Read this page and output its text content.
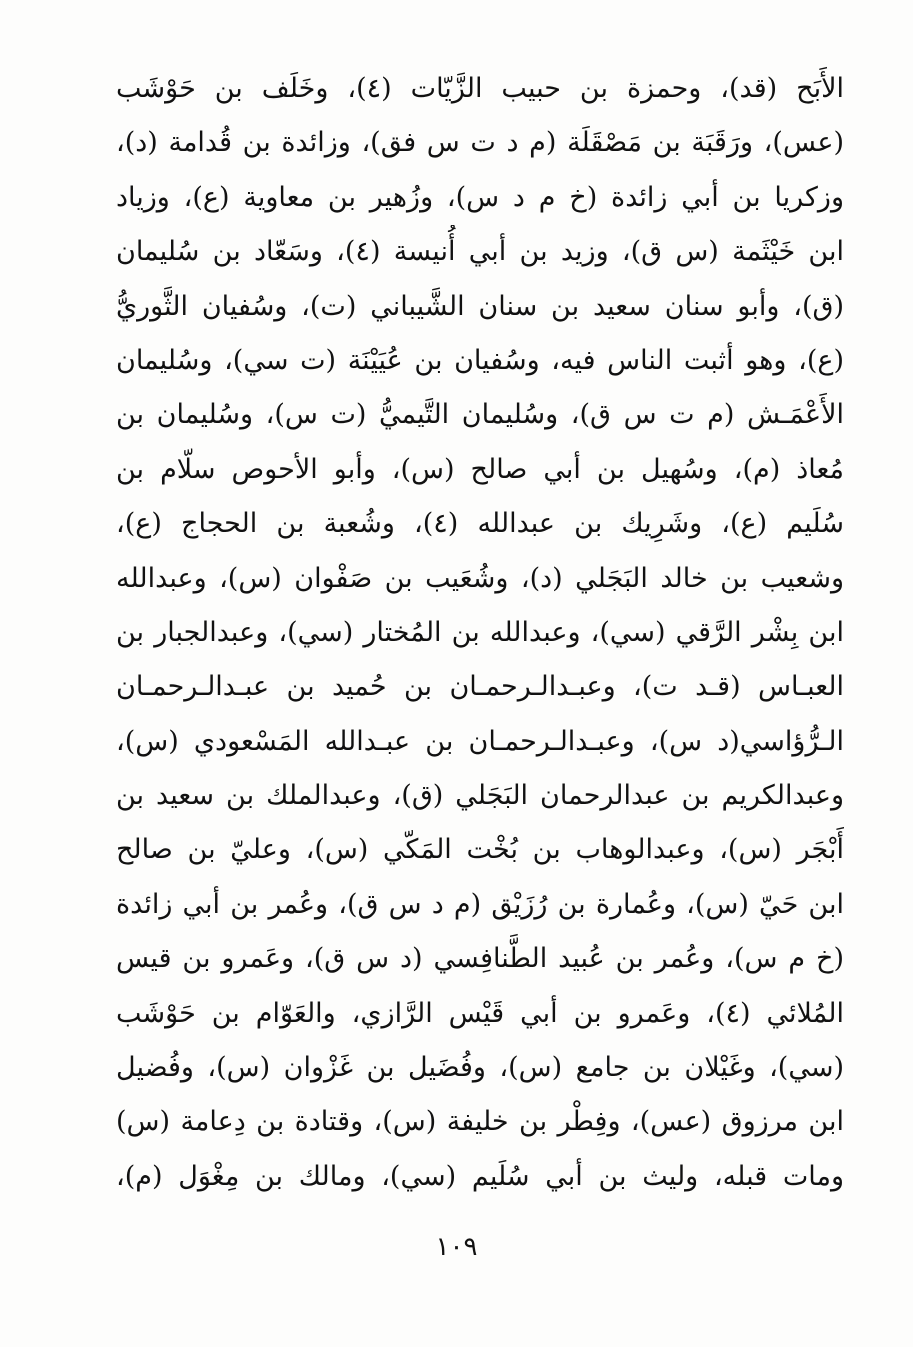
الأَبَح (قد)، وحمزة بن حبيب الزَّيّات (٤)، وخَلَف بن حَوْشَب
(عس)، ورَقَبَة بن مَصْقَلَة (م د ت س فق)، وزائدة بن قُدامة (د)،
وزكريا بن أبي زائدة (خ م د س)، وزُهير بن معاوية (ع)، وزياد
ابن خَيْثَمة (س ق)، وزيد بن أبي أُنيسة (٤)، وسَعّاد بن سُليمان
(ق)، وأبو سنان سعيد بن سنان الشَّيباني (ت)، وسُفيان الثَّوريُّ
(ع)، وهو أثبت الناس فيه، وسُفيان بن عُيَيْنَة (ت سي)، وسُليمان
الأَعْمَـش (م ت س ق)، وسُليمان التَّيميُّ (ت س)، وسُليمان بن
مُعاذ (م)، وسُهيل بن أبي صالح (س)، وأبو الأحوص سلّام بن
سُلَيم (ع)، وشَرِيك بن عبدالله (٤)، وشُعبة بن الحجاج (ع)،
وشعيب بن خالد البَجَلي (د)، وشُعَيب بن صَفْوان (س)، وعبدالله
ابن بِشْر الرَّقي (سي)، وعبدالله بن المُختار (سي)، وعبدالجبار بن
العبـاس (قـد ت)، وعبـدالـرحمـان بن حُميد بن عبـدالـرحمـان
الـرُّؤاسي(د س)، وعبـدالـرحمـان بن عبـدالله المَسْعودي (س)،
وعبدالكريم بن عبدالرحمان البَجَلي (ق)، وعبدالملك بن سعيد بن
أَبْجَر (س)، وعبدالوهاب بن بُخْت المَكّي (س)، وعليّ بن صالح
ابن حَيّ (س)، وعُمارة بن رُزَيْق (م د س ق)، وعُمر بن أبي زائدة
(خ م س)، وعُمر بن عُبيد الطَّنافِسي (د س ق)، وعَمرو بن قيس
المُلائي (٤)، وعَمرو بن أبي قَيْس الرَّازي، والعَوّام بن حَوْشَب
(سي)، وغَيْلان بن جامع (س)، وفُضَيل بن غَزْوان (س)، وفُضيل
ابن مرزوق (عس)، وفِطْر بن خليفة (س)، وقتادة بن دِعامة (س)
ومات قبله، وليث بن أبي سُلَيم (سي)، ومالك بن مِغْوَل (م)،
١٠٩
